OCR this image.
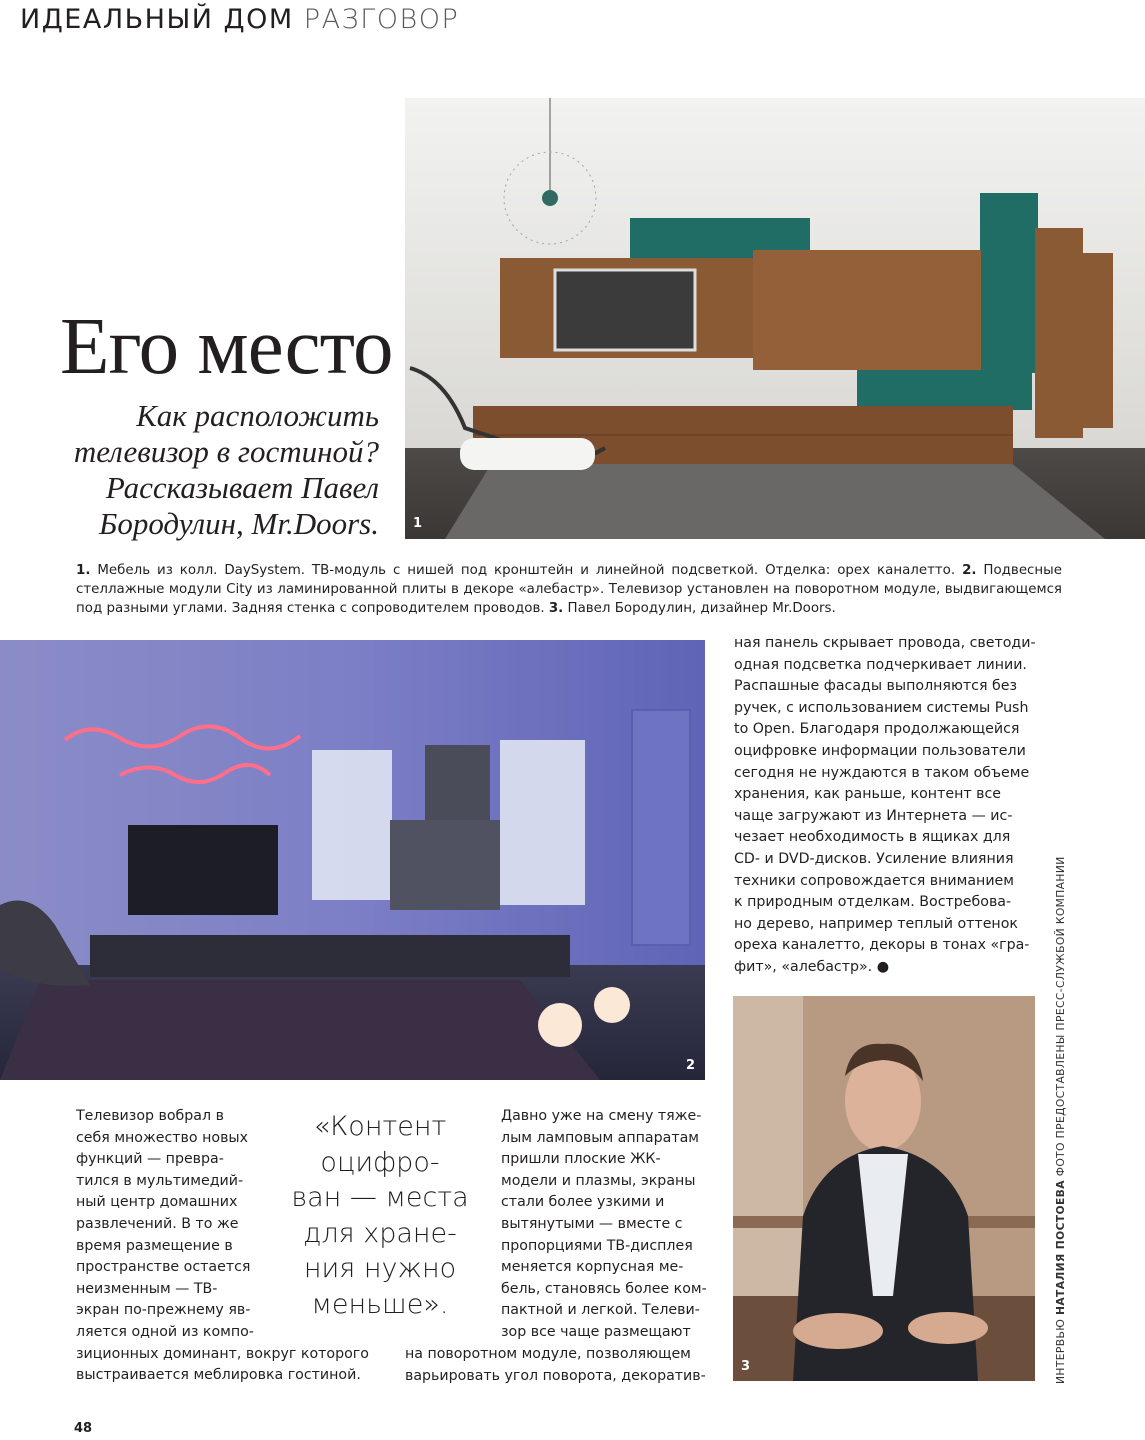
ИДЕАЛЬНЫЙ ДОМ РАЗГОВОР
1
Его место
Как расположить телевизор в гостиной? Рассказывает Павел Бородулин, Mr.Doors.
1. Мебель из колл. DaySystem. ТВ-модуль с нишей под кронштейн и линейной подсветкой. Отделка: орех каналетто. 2. Подвесные стеллажные модули City из ламинированной плиты в декоре «алебастр». Телевизор установлен на поворотном модуле, выдвигающемся под разными углами. Задняя стенка с сопроводителем проводов. 3. Павел Бородулин, дизайнер Mr.Doors.
2
ная панель скрывает провода, светоди-
одная подсветка подчеркивает линии.
Распашные фасады выполняются без
ручек, с использованием системы Push
to Open. Благодаря продолжающейся
оцифровке информации пользователи
сегодня не нуждаются в таком объеме
хранения, как раньше, контент все
чаще загружают из Интернета — ис-
чезает необходимость в ящиках для
CD- и DVD-дисков. Усиление влияния
техники сопровождается вниманием
к природным отделкам. Востребова-
но дерево, например теплый оттенок
ореха каналетто, декоры в тонах «гра-
фит», «алебастр». ●
3
Телевизор вобрал в
себя множество новых
функций — превра-
тился в мультимедий-
ный центр домашних
развлечений. В то же
время размещение в
пространстве остается
неизменным — ТВ-
экран по-прежнему яв-
ляется одной из компо-
зиционных доминант, вокруг которого
выстраивается меблировка гостиной.
«Контент
оцифро-
ван — места
для хране-
ния нужно
меньше».
Давно уже на смену тяже-
лым ламповым аппаратам
пришли плоские ЖК-
модели и плазмы, экраны
стали более узкими и
вытянутыми — вместе с
пропорциями ТВ-дисплея
меняется корпусная ме-
бель, становясь более ком-
пактной и легкой. Телеви-
зор все чаще размещают
на поворотном модуле, позволяющем
варьировать угол поворота, декоратив-	ИНТЕРВЬЮ НАТАЛИЯ ПОСТОЕВА ФОТО ПРЕДОСТАВЛЕНЫ ПРЕСС-СЛУЖБОЙ КОМПАНИИ
48
